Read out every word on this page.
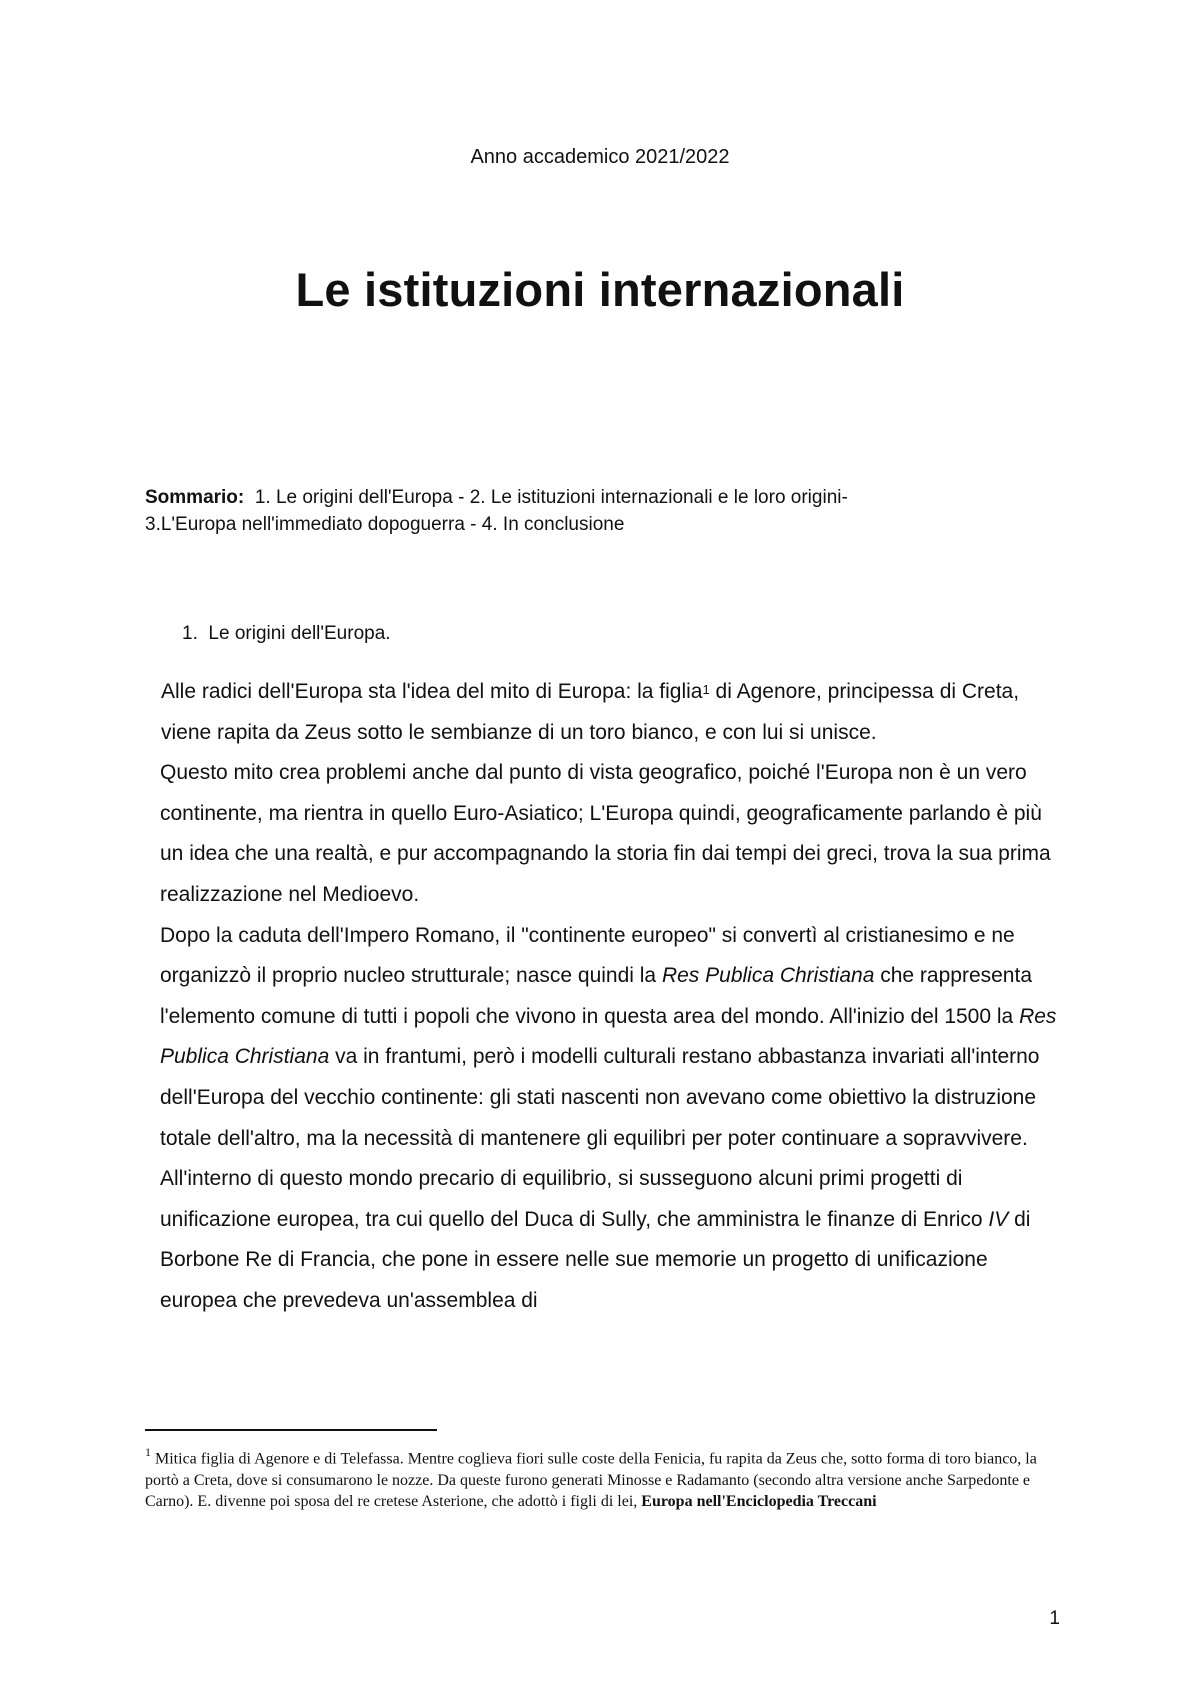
Anno accademico 2021/2022
Le istituzioni internazionali
Sommario: 1. Le origini dell'Europa - 2. Le istituzioni internazionali e le loro origini-
3.L'Europa nell'immediato dopoguerra - 4. In conclusione
1. Le origini dell'Europa.

Alle radici dell'Europa sta l'idea del mito di Europa: la figlia$^1$ di Agenore, principessa di Creta, viene rapita da Zeus sotto le sembianze di un toro bianco, e con lui si unisce.

Questo mito crea problemi anche dal punto di vista geografico, poiché l'Europa non è un vero continente, ma rientra in quello Euro-Asiatico; L'Europa quindi, geograficamente parlando è più un idea che una realtà, e pur accompagnando la storia fin dai tempi dei greci, trova la sua prima realizzazione nel Medioevo.

Dopo la caduta dell'Impero Romano, il "continente europeo" si convertì al cristianesimo e ne organizzò il proprio nucleo strutturale; nasce quindi la Res Publica Christiana che rappresenta l'elemento comune di tutti i popoli che vivono in questa area del mondo. All'inizio del 1500 la Res Publica Christiana va in frantumi, però i modelli culturali restano abbastanza invariati all'interno dell'Europa del vecchio continente: gli stati nascenti non avevano come obiettivo la distruzione totale dell'altro, ma la necessità di mantenere gli equilibri per poter continuare a sopravvivere. All'interno di questo mondo precario di equilibrio, si susseguono alcuni primi progetti di unificazione europea, tra cui quello del Duca di Sully, che amministra le finanze di Enrico IV di Borbone Re di Francia, che pone in essere nelle sue memorie un progetto di unificazione europea che prevedeva un'assemblea di

$^1$ Mitica figlia di Agenore e di Telefassa. Mentre coglieva fiori sulle coste della Fenicia, fu rapita da Zeus che, sotto forma di toro bianco, la portò a Creta, dove si consumarono le nozze. Da queste furono generati Minosse e Radamanto (secondo altra versione anche Sarpedonte e Carno). E. divenne poi sposa del re cretese Asterione, che adottò i figli di lei, Europa nell'Enciclopedia Treccani

1
